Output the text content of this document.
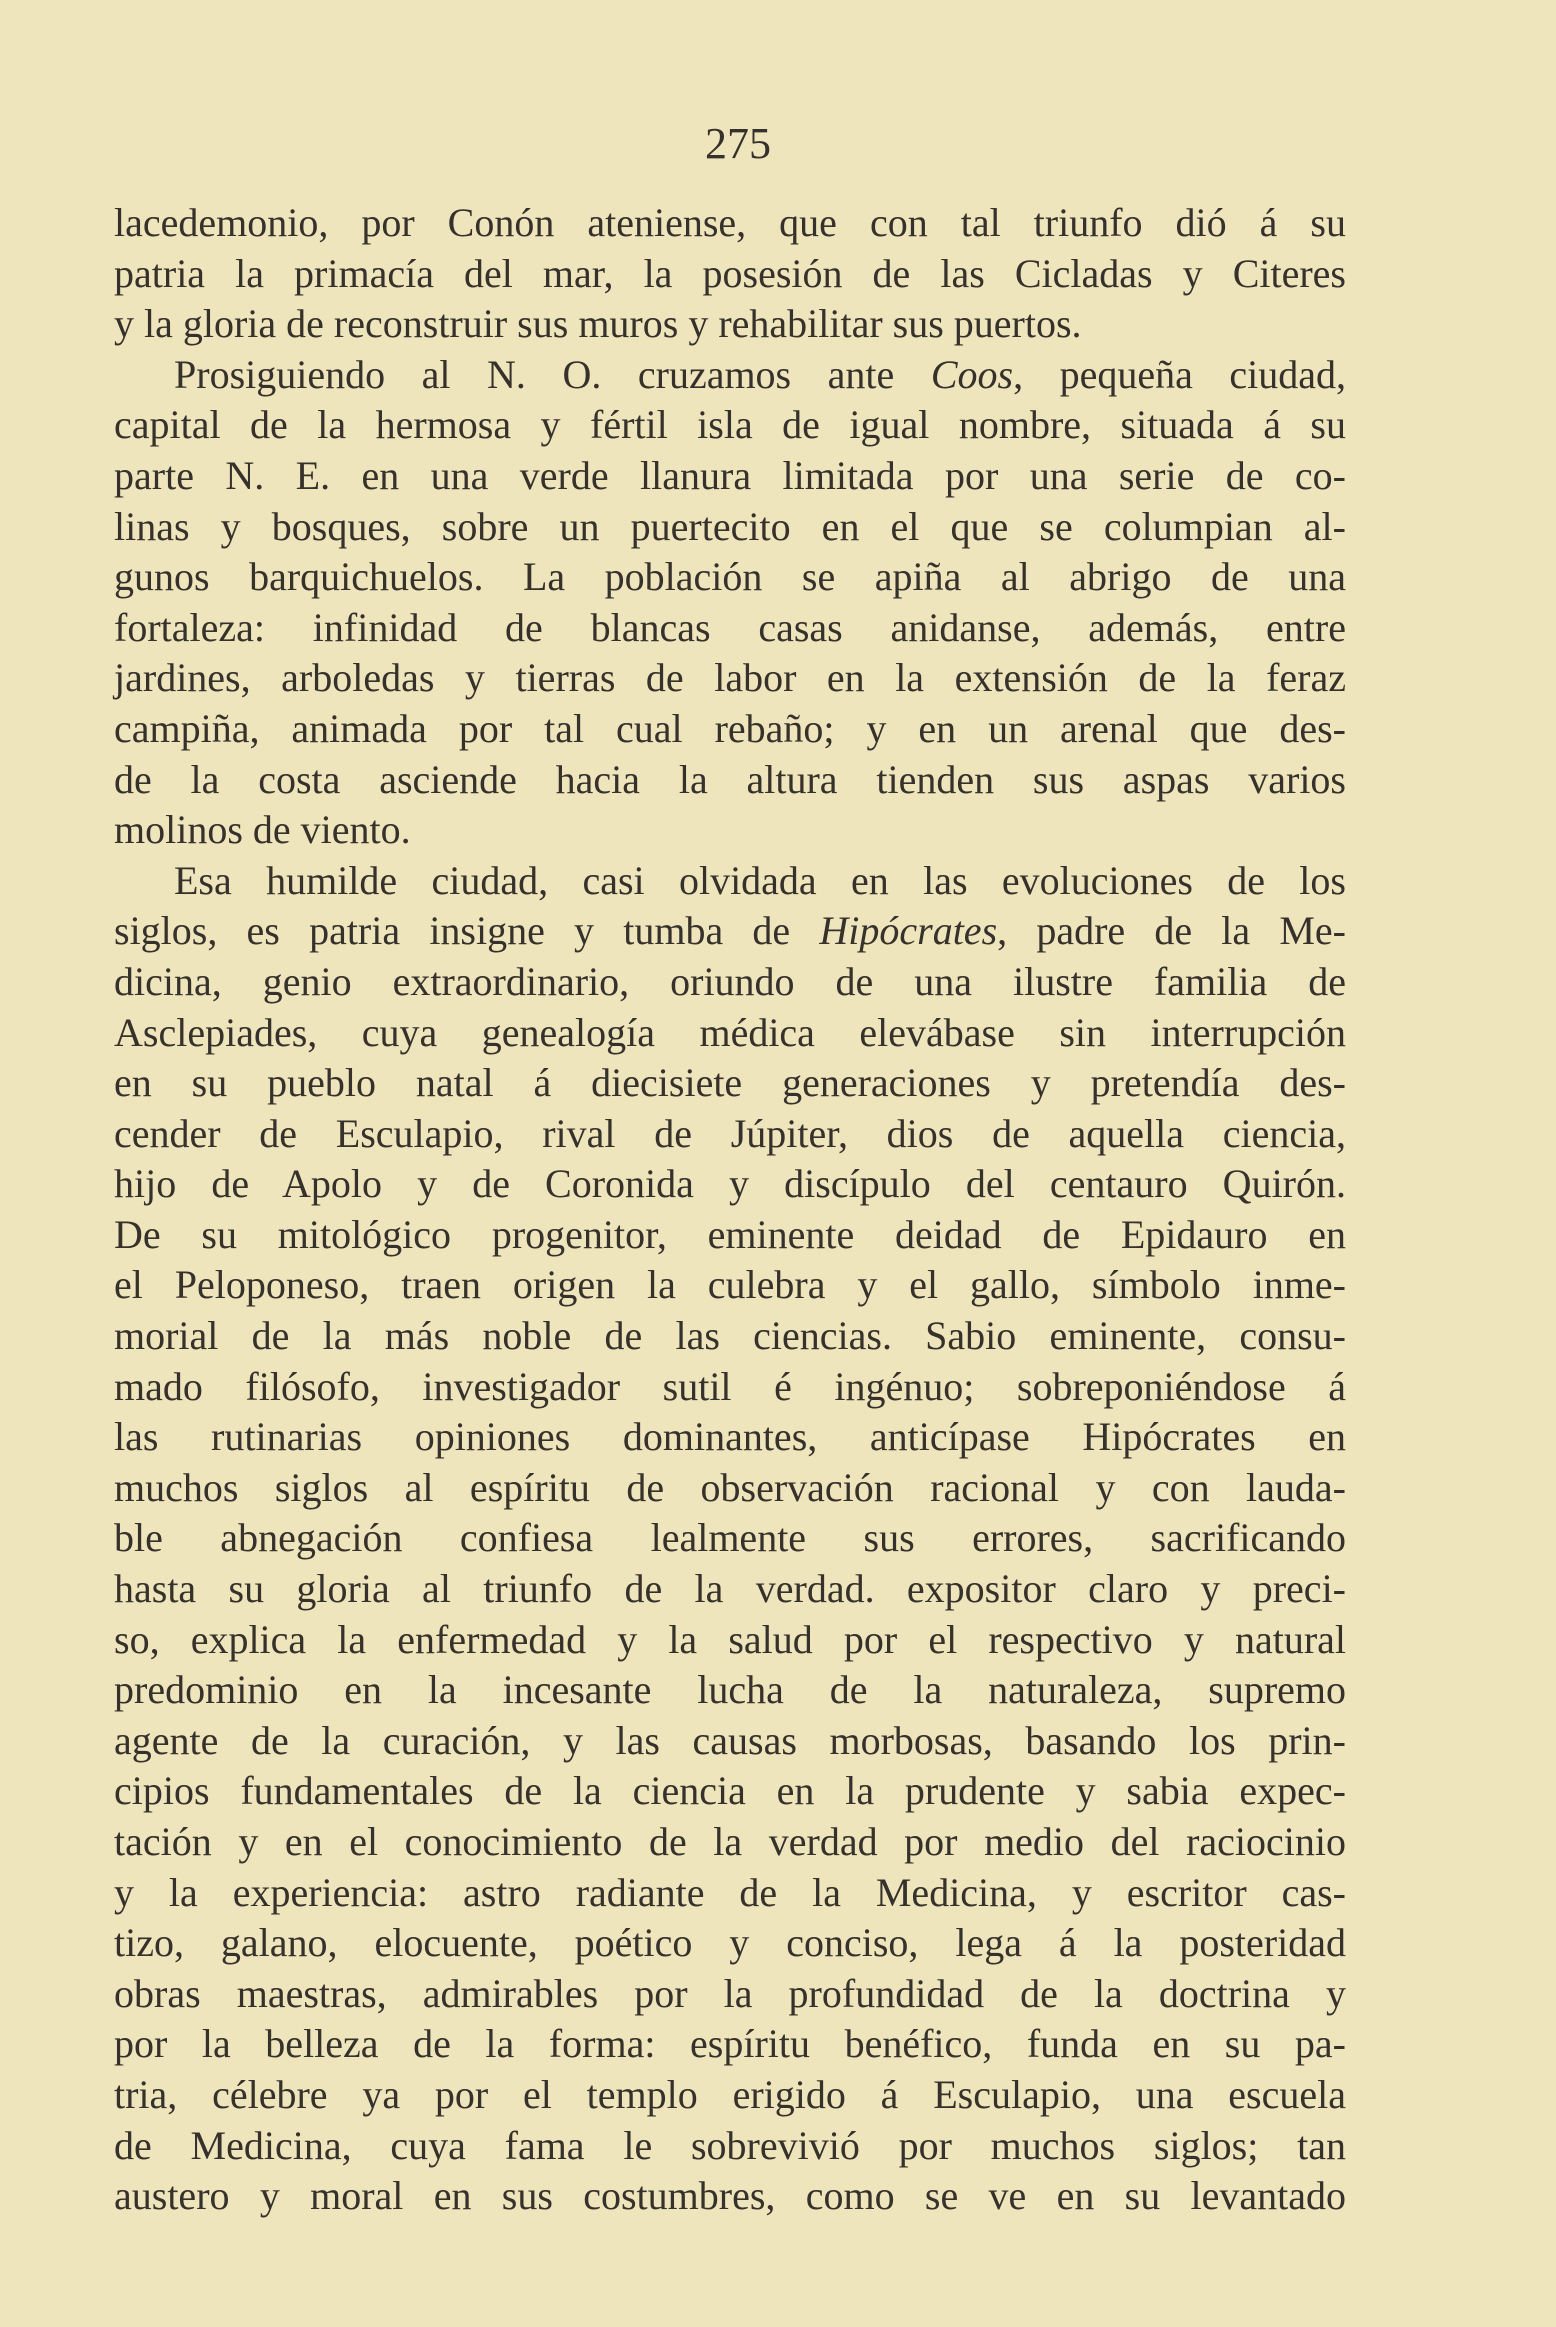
275
lacedemonio, por Conón ateniense, que con tal triunfo dió á su
patria la primacía del mar, la posesión de las Cicladas y Citeres
y la gloria de reconstruir sus muros y rehabilitar sus puertos.
Prosiguiendo al N. O. cruzamos ante Coos, pequeña ciudad,
capital de la hermosa y fértil isla de igual nombre, situada á su
parte N. E. en una verde llanura limitada por una serie de co-
linas y bosques, sobre un puertecito en el que se columpian al-
gunos barquichuelos. La población se apiña al abrigo de una
fortaleza: infinidad de blancas casas anidanse, además, entre
jardines, arboledas y tierras de labor en la extensión de la feraz
campiña, animada por tal cual rebaño; y en un arenal que des-
de la costa asciende hacia la altura tienden sus aspas varios
molinos de viento.
Esa humilde ciudad, casi olvidada en las evoluciones de los
siglos, es patria insigne y tumba de Hipócrates, padre de la Me-
dicina, genio extraordinario, oriundo de una ilustre familia de
Asclepiades, cuya genealogía médica elevábase sin interrupción
en su pueblo natal á diecisiete generaciones y pretendía des-
cender de Esculapio, rival de Júpiter, dios de aquella ciencia,
hijo de Apolo y de Coronida y discípulo del centauro Quirón.
De su mitológico progenitor, eminente deidad de Epidauro en
el Peloponeso, traen origen la culebra y el gallo, símbolo inme-
morial de la más noble de las ciencias. Sabio eminente, consu-
mado filósofo, investigador sutil é ingénuo; sobreponiéndose á
las rutinarias opiniones dominantes, anticípase Hipócrates en
muchos siglos al espíritu de observación racional y con lauda-
ble abnegación confiesa lealmente sus errores, sacrificando
hasta su gloria al triunfo de la verdad. expositor claro y preci-
so, explica la enfermedad y la salud por el respectivo y natural
predominio en la incesante lucha de la naturaleza, supremo
agente de la curación, y las causas morbosas, basando los prin-
cipios fundamentales de la ciencia en la prudente y sabia expec-
tación y en el conocimiento de la verdad por medio del raciocinio
y la experiencia: astro radiante de la Medicina, y escritor cas-
tizo, galano, elocuente, poético y conciso, lega á la posteridad
obras maestras, admirables por la profundidad de la doctrina y
por la belleza de la forma: espíritu benéfico, funda en su pa-
tria, célebre ya por el templo erigido á Esculapio, una escuela
de Medicina, cuya fama le sobrevivió por muchos siglos; tan
austero y moral en sus costumbres, como se ve en su levantado
